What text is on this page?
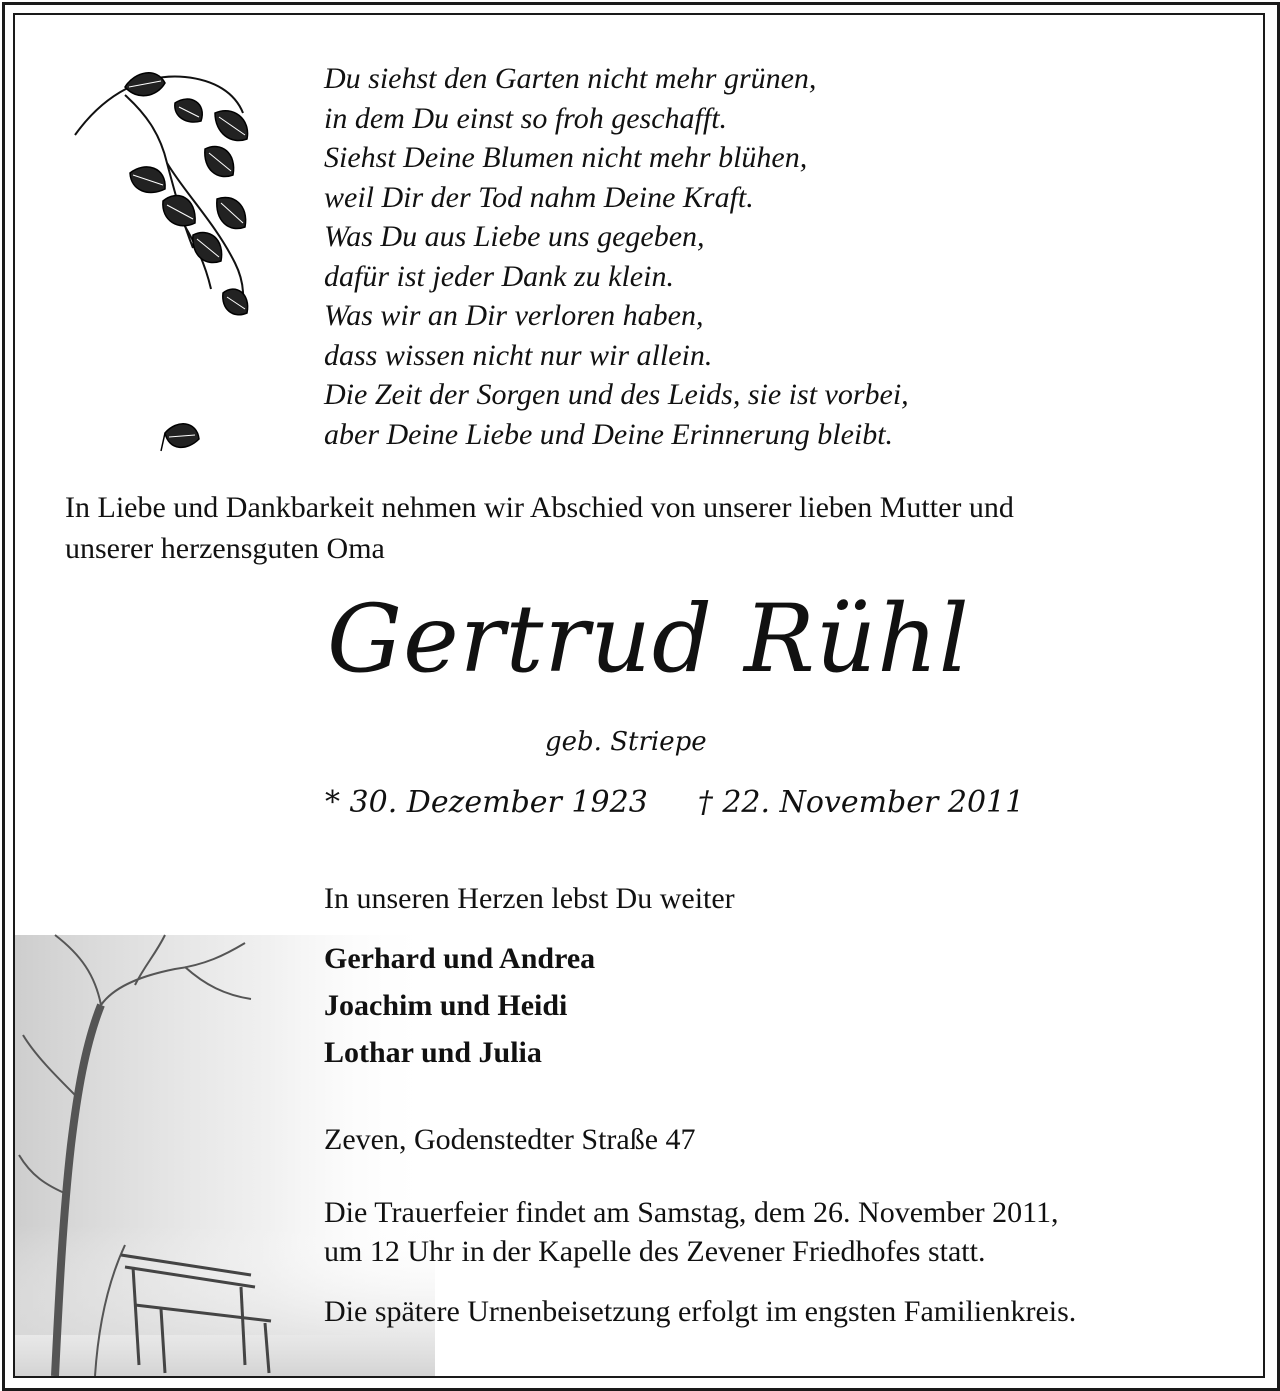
Du siehst den Garten nicht mehr grünen,
in dem Du einst so froh geschafft.
Siehst Deine Blumen nicht mehr blühen,
weil Dir der Tod nahm Deine Kraft.
Was Du aus Liebe uns gegeben,
dafür ist jeder Dank zu klein.
Was wir an Dir verloren haben,
dass wissen nicht nur wir allein.
Die Zeit der Sorgen und des Leids, sie ist vorbei,
aber Deine Liebe und Deine Erinnerung bleibt.
In Liebe und Dankbarkeit nehmen wir Abschied von unserer lieben Mutter und
unserer herzensguten Oma
Gertrud Rühl
geb. Striepe
* 30. Dezember 1923 † 22. November 2011
In unseren Herzen lebst Du weiter
Gerhard und Andrea
Joachim und Heidi
Lothar und Julia
Zeven, Godenstedter Straße 47
Die Trauerfeier findet am Samstag, dem 26. November 2011,
um 12 Uhr in der Kapelle des Zevener Friedhofes statt.
Die spätere Urnenbeisetzung erfolgt im engsten Familienkreis.
